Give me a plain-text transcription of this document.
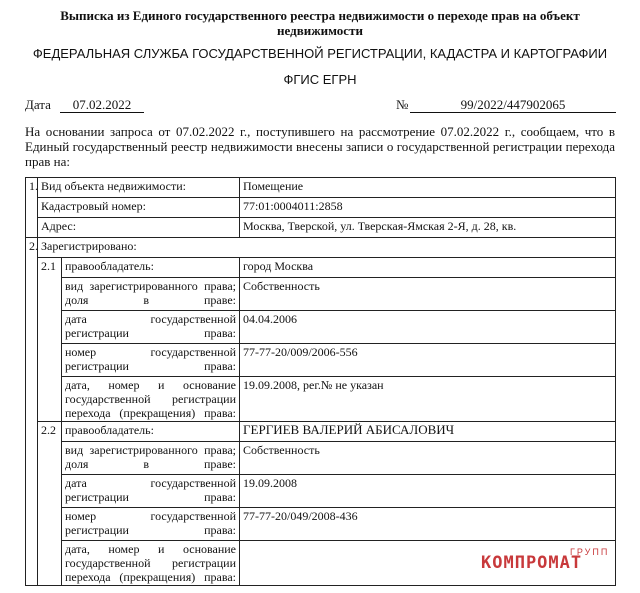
Выписка из Единого государственного реестра недвижимости о переходе прав на объект недвижимости
ФЕДЕРАЛЬНАЯ СЛУЖБА ГОСУДАРСТВЕННОЙ РЕГИСТРАЦИИ, КАДАСТРА И КАРТОГРАФИИ
ФГИС ЕГРН
Дата	07.02.2022	№	99/2022/447902065
На основании запроса от 07.02.2022 г., поступившего на рассмотрение 07.02.2022 г., сообщаем, что в Единый государственный реестр недвижимости внесены записи о государственной регистрации перехода прав на:
1.	Вид объекта недвижимости:		Помещение
	Кадастровый номер:		77:01:0004011:2858
	Адрес:		Москва, Тверской, ул. Тверская-Ямская 2-Я, д. 28, кв.
2.	Зарегистрировано:		
	2.1	правообладатель:	город Москва
		вид зарегистрированного права; доля в праве:	Собственность
		дата государственной регистрации права:	04.04.2006
		номер государственной регистрации права:	77-77-20/009/2006-556
		дата, номер и основание государственной регистрации перехода (прекращения) права:	19.09.2008, рег.№ не указан
	2.2	правообладатель:	ГЕРГИЕВ ВАЛЕРИЙ АБИСАЛОВИЧ
		вид зарегистрированного права; доля в праве:	Собственность
		дата государственной регистрации права:	19.09.2008
		номер государственной регистрации права:	77-77-20/049/2008-436
		дата, номер и основание государственной регистрации перехода (прекращения) права:	
ГРУПП
КОМПРОМАТ
